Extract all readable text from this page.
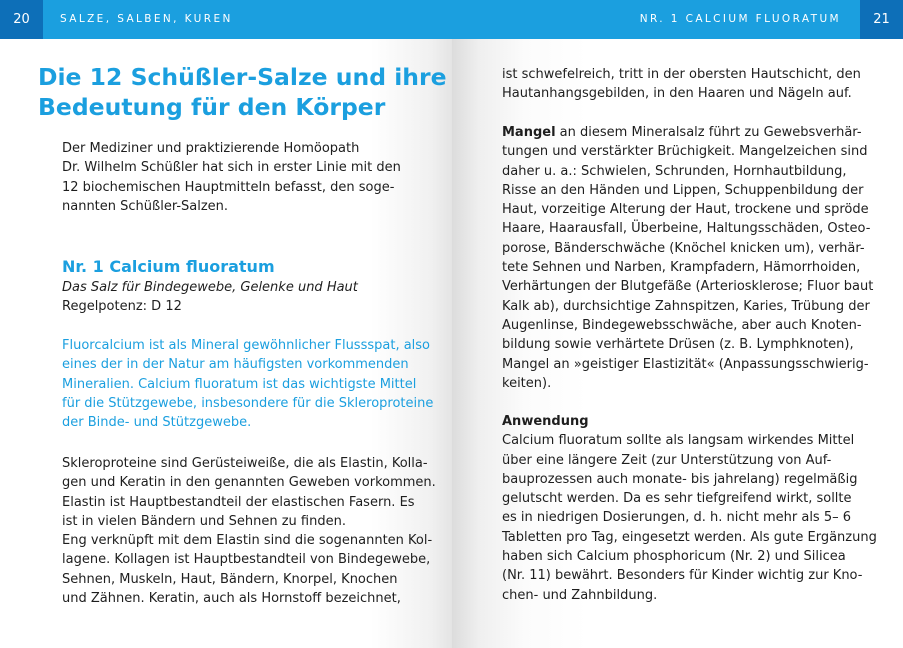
20	SALZE, SALBEN, KUREN	NR. 1 CALCIUM FLUORATUM	21
Die 12 Schüßler-Salze und ihre
Bedeutung für den Körper

Der Mediziner und praktizierende Homöopath
Dr. Wilhelm Schüßler hat sich in erster Linie mit den
12 biochemischen Hauptmitteln befasst, den soge-
nannten Schüßler-Salzen.

Nr. 1 Calcium fluoratum
Das Salz für Bindegewebe, Gelenke und Haut
Regelpotenz: D 12

Fluorcalcium ist als Mineral gewöhnlicher Flussspat, also
eines der in der Natur am häufigsten vorkommenden
Mineralien. Calcium fluoratum ist das wichtigste Mittel
für die Stützgewebe, insbesondere für die Skleroproteine
der Binde- und Stützgewebe.

Skleroproteine sind Gerüsteiweiße, die als Elastin, Kolla-
gen und Keratin in den genannten Geweben vorkommen.
Elastin ist Hauptbestandteil der elastischen Fasern. Es
ist in vielen Bändern und Sehnen zu finden.
Eng verknüpft mit dem Elastin sind die sogenannten Kol-
lagene. Kollagen ist Hauptbestandteil von Bindegewebe,
Sehnen, Muskeln, Haut, Bändern, Knorpel, Knochen
und Zähnen. Keratin, auch als Hornstoff bezeichnet,

ist schwefelreich, tritt in der obersten Hautschicht, den
Hautanhangsgebilden, in den Haaren und Nägeln auf.

Mangel an diesem Mineralsalz führt zu Gewebsverhär-
tungen und verstärkter Brüchigkeit. Mangelzeichen sind
daher u. a.: Schwielen, Schrunden, Hornhautbildung,
Risse an den Händen und Lippen, Schuppenbildung der
Haut, vorzeitige Alterung der Haut, trockene und spröde
Haare, Haarausfall, Überbeine, Haltungsschäden, Osteo-
porose, Bänderschwäche (Knöchel knicken um), verhär-
tete Sehnen und Narben, Krampfadern, Hämorrhoiden,
Verhärtungen der Blutgefäße (Arteriosklerose; Fluor baut
Kalk ab), durchsichtige Zahnspitzen, Karies, Trübung der
Augenlinse, Bindegewebsschwäche, aber auch Knoten-
bildung sowie verhärtete Drüsen (z. B. Lymphknoten),
Mangel an »geistiger Elastizität« (Anpassungsschwierig-
keiten).

Anwendung
Calcium fluoratum sollte als langsam wirkendes Mittel
über eine längere Zeit (zur Unterstützung von Auf-
bauprozessen auch monate- bis jahrelang) regelmäßig
gelutscht werden. Da es sehr tiefgreifend wirkt, sollte
es in niedrigen Dosierungen, d. h. nicht mehr als 5– 6
Tabletten pro Tag, eingesetzt werden. Als gute Ergänzung
haben sich Calcium phosphoricum (Nr. 2) und Silicea
(Nr. 11) bewährt. Besonders für Kinder wichtig zur Kno-
chen- und Zahnbildung.
